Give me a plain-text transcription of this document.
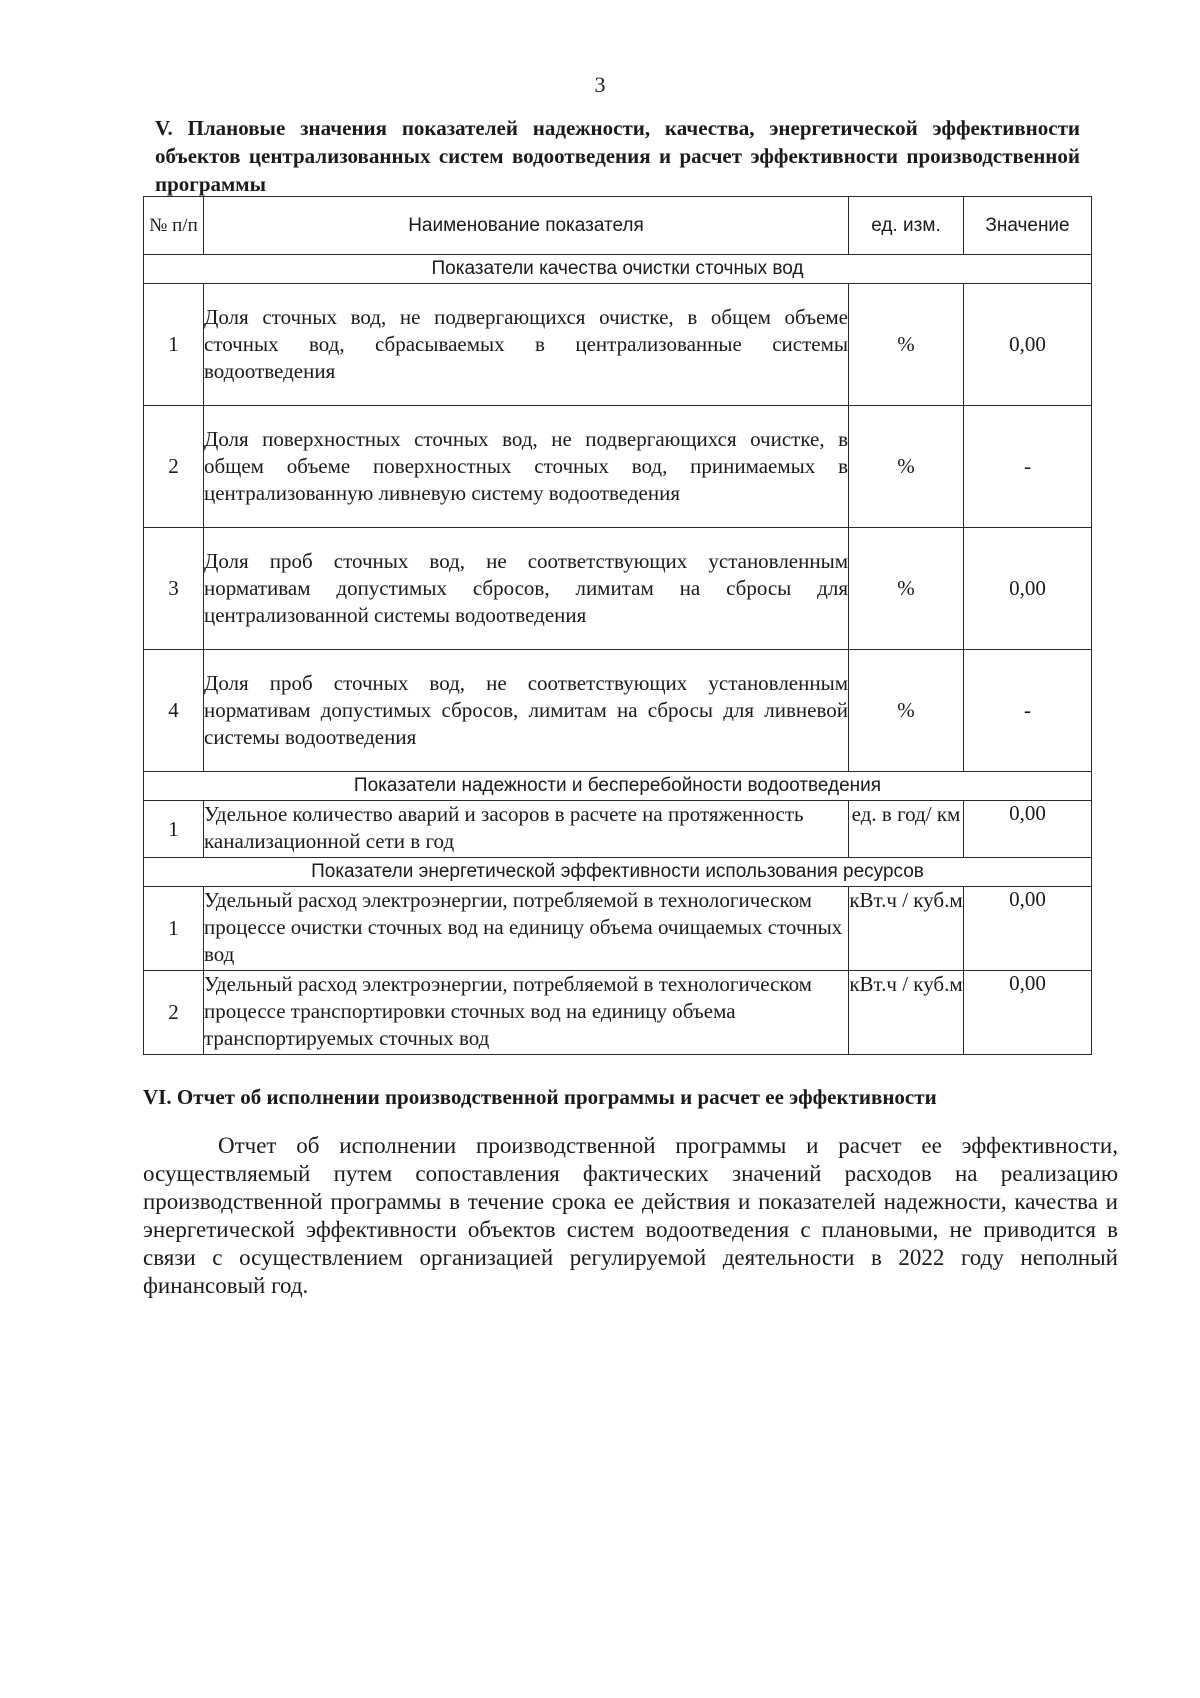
3
V. Плановые значения показателей надежности, качества, энергетической эффективности объектов централизованных систем водоотведения и расчет эффективности производственной программы
№ п/п	Наименование показателя	ед. изм.	Значение
Показатели качества очистки сточных вод			
1	Доля сточных вод, не подвергающихся очистке, в общем объеме сточных вод, сбрасываемых в централизованные системы водоотведения	%	0,00
2	Доля поверхностных сточных вод, не подвергающихся очистке, в общем объеме поверхностных сточных вод, принимаемых в централизованную ливневую систему водоотведения	%	-
3	Доля проб сточных вод, не соответствующих установленным нормативам допустимых сбросов, лимитам на сбросы для централизованной системы водоотведения	%	0,00
4	Доля проб сточных вод, не соответствующих установленным нормативам допустимых сбросов, лимитам на сбросы для ливневой системы водоотведения	%	-
Показатели надежности и бесперебойности водоотведения			
1	Удельное количество аварий и засоров в расчете на протяженность канализационной сети в год	ед. в год/ км	0,00
Показатели энергетической эффективности использования ресурсов			
1	Удельный расход электроэнергии, потребляемой в технологическом процессе очистки сточных вод на единицу объема очищаемых сточных вод	кВт.ч / куб.м	0,00
2	Удельный расход электроэнергии, потребляемой в технологическом процессе транспортировки сточных вод на единицу объема транспортируемых сточных вод	кВт.ч / куб.м	0,00
VI. Отчет об исполнении производственной программы и расчет ее эффективности
Отчет об исполнении производственной программы и расчет ее эффективности, осуществляемый путем сопоставления фактических значений расходов на реализацию производственной программы в течение срока ее действия и показателей надежности, качества и энергетической эффективности объектов систем водоотведения с плановыми, не приводится в связи с осуществлением организацией регулируемой деятельности в 2022 году неполный финансовый год.
